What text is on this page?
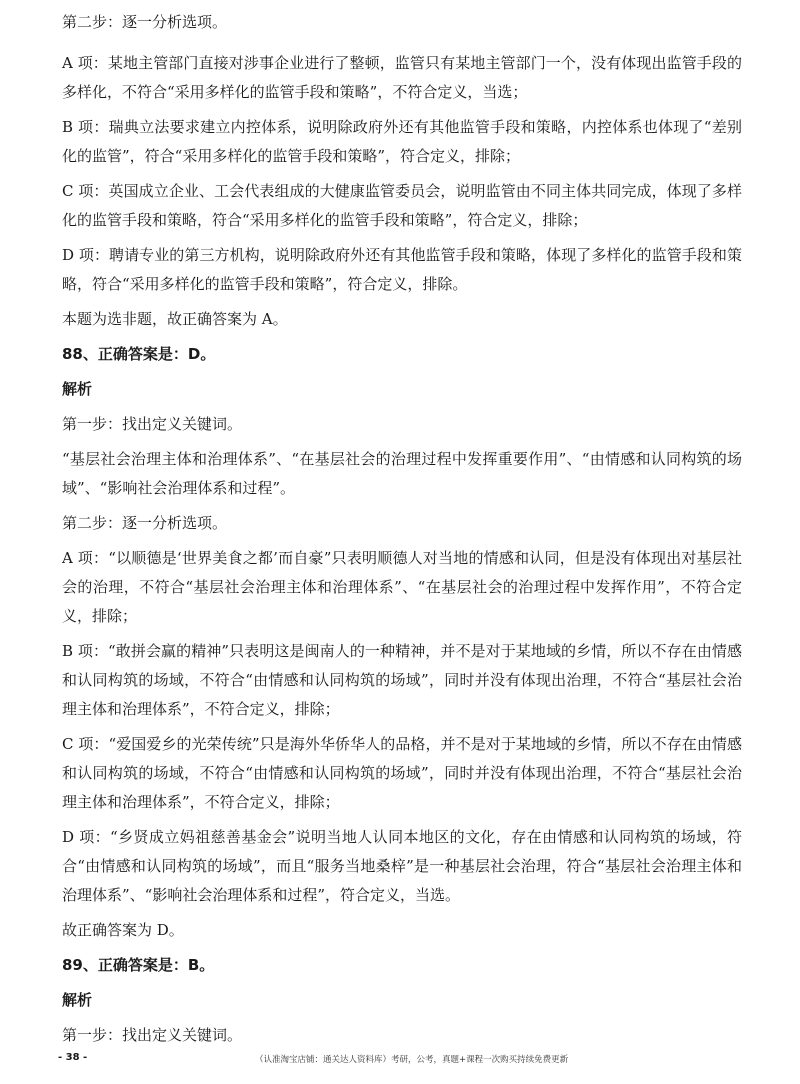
第二步：逐一分析选项。

A 项：某地主管部门直接对涉事企业进行了整顿，监管只有某地主管部门一个，没有体现出监管手段的多样化，不符合“采用多样化的监管手段和策略”，不符合定义，当选；

B 项：瑞典立法要求建立内控体系，说明除政府外还有其他监管手段和策略，内控体系也体现了“差别化的监管”，符合“采用多样化的监管手段和策略”，符合定义，排除；

C 项：英国成立企业、工会代表组成的大健康监管委员会，说明监管由不同主体共同完成，体现了多样化的监管手段和策略，符合“采用多样化的监管手段和策略”，符合定义，排除；

D 项：聘请专业的第三方机构，说明除政府外还有其他监管手段和策略，体现了多样化的监管手段和策略，符合“采用多样化的监管手段和策略”，符合定义，排除。

本题为选非题，故正确答案为 A。

88、正确答案是：D。

解析

第一步：找出定义关键词。

“基层社会治理主体和治理体系”、“在基层社会的治理过程中发挥重要作用”、“由情感和认同构筑的场域”、“影响社会治理体系和过程”。

第二步：逐一分析选项。

A 项：“以顺德是‘世界美食之都’而自豪”只表明顺德人对当地的情感和认同，但是没有体现出对基层社会的治理，不符合“基层社会治理主体和治理体系”、“在基层社会的治理过程中发挥作用”，不符合定义，排除；

B 项：“敢拼会赢的精神”只表明这是闽南人的一种精神，并不是对于某地域的乡情，所以不存在由情感和认同构筑的场域，不符合“由情感和认同构筑的场域”，同时并没有体现出治理，不符合“基层社会治理主体和治理体系”，不符合定义，排除；

C 项：“爱国爱乡的光荣传统”只是海外华侨华人的品格，并不是对于某地域的乡情，所以不存在由情感和认同构筑的场域，不符合“由情感和认同构筑的场域”，同时并没有体现出治理，不符合“基层社会治理主体和治理体系”，不符合定义，排除；

D 项：“乡贤成立妈祖慈善基金会”说明当地人认同本地区的文化，存在由情感和认同构筑的场域，符合“由情感和认同构筑的场域”，而且“服务当地桑梓”是一种基层社会治理，符合“基层社会治理主体和治理体系”、“影响社会治理体系和过程”，符合定义，当选。

故正确答案为 D。

89、正确答案是：B。

解析

第一步：找出定义关键词。

- 38 -	（认准淘宝店铺：通关达人资料库）考研，公考，真题+课程一次购买持续免费更新
